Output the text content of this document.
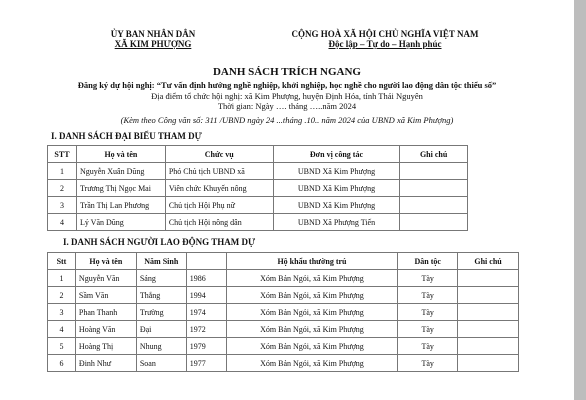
ỦY BAN NHÂN DÂN
XÃ KIM PHƯỢNG
CỘNG HOÀ XÃ HỘI CHỦ NGHĨA VIỆT NAM
Độc lập – Tự do – Hạnh phúc
DANH SÁCH TRÍCH NGANG
Đăng ký dự hội nghị: “Tư vấn định hướng nghề nghiệp, khởi nghiệp, học nghề cho người lao động dân tộc thiểu số”
Địa điểm tổ chức hội nghị: xã Kim Phượng, huyện Định Hóa, tỉnh Thái Nguyên
Thời gian: Ngày …. tháng …..năm 2024
(Kèm theo Công văn số: 311 /UBND ngày 24 ...tháng .10.. năm 2024 của UBND xã Kim Phượng)
I. DANH SÁCH ĐẠI BIỂU THAM DỰ
STT	Họ và tên	Chức vụ	Đơn vị công tác	Ghi chú
1	Nguyễn Xuân Dũng	Phó Chủ tịch UBND xã	UBND Xã Kim Phượng	
2	Trương Thị Ngọc Mai	Viên chức Khuyến nông	UBND Xã Kim Phượng	
3	Trần Thị Lan Phương	Chủ tịch Hội Phụ nữ	UBND Xã Kim Phượng	
4	Lý Văn Dũng	Chủ tịch Hội nông dân	UBND Xã Phượng Tiến	
I. DANH SÁCH NGƯỜI LAO ĐỘNG THAM DỰ
Stt	Họ và tên	Năm Sinh		Hộ khẩu thường trú	Dân tộc	Ghi chú
1	Nguyễn Văn	Sáng	1986	Xóm Bản Ngói, xã Kim Phượng	Tày	
2	Sầm Văn	Thắng	1994	Xóm Bản Ngói, xã Kim Phượng	Tày	
3	Phan Thanh	Trường	1974	Xóm Bản Ngói, xã Kim Phượng	Tày	
4	Hoàng Văn	Đại	1972	Xóm Bản Ngói, xã Kim Phượng	Tày	
5	Hoàng Thị	Nhung	1979	Xóm Bản Ngói, xã Kim Phượng	Tày	
6	Đinh Như	Soan	1977	Xóm Bản Ngói, xã Kim Phượng	Tày	
